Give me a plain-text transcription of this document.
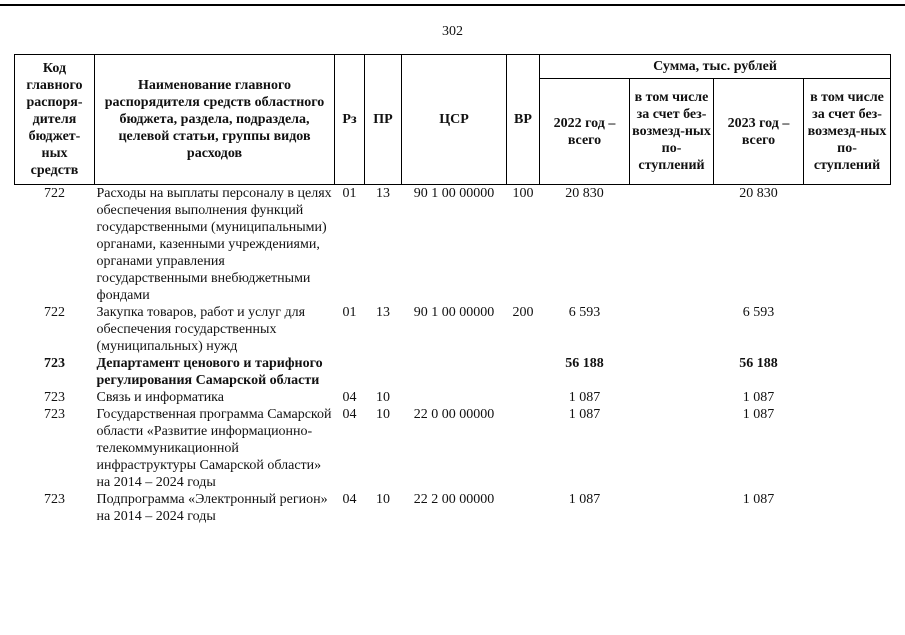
302
Код главного распоря-дителя бюджет-ных средств	Наименование главного распорядителя средств областного бюджета, раздела, подраздела, целевой статьи, группы видов расходов	Рз	ПР	ЦСР	ВР	Сумма, тыс. рублей			
						2022 год – всего	в том числе за счет без-возмезд-ных по-ступлений	2023 год – всего	в том числе за счет без-возмезд-ных по-ступлений
722	Расходы на выплаты персоналу в целях обеспечения выполнения функций государственными (муниципальными) органами, казенными учреждениями, органами управления государственными внебюджетными фондами	01	13	90 1 00 00000	100	20 830		20 830	
722	Закупка товаров, работ и услуг для обеспечения государственных (муниципальных) нужд	01	13	90 1 00 00000	200	6 593		6 593	
723	Департамент ценового и тарифного регулирования Самарской области					56 188		56 188	
723	Связь и информатика	04	10			1 087		1 087	
723	Государственная программа Самарской области «Развитие информационно-телекоммуникационной инфраструктуры Самарской области» на 2014 – 2024 годы	04	10	22 0 00 00000		1 087		1 087	
723	Подпрограмма «Электронный регион» на 2014 – 2024 годы	04	10	22 2 00 00000		1 087		1 087	
